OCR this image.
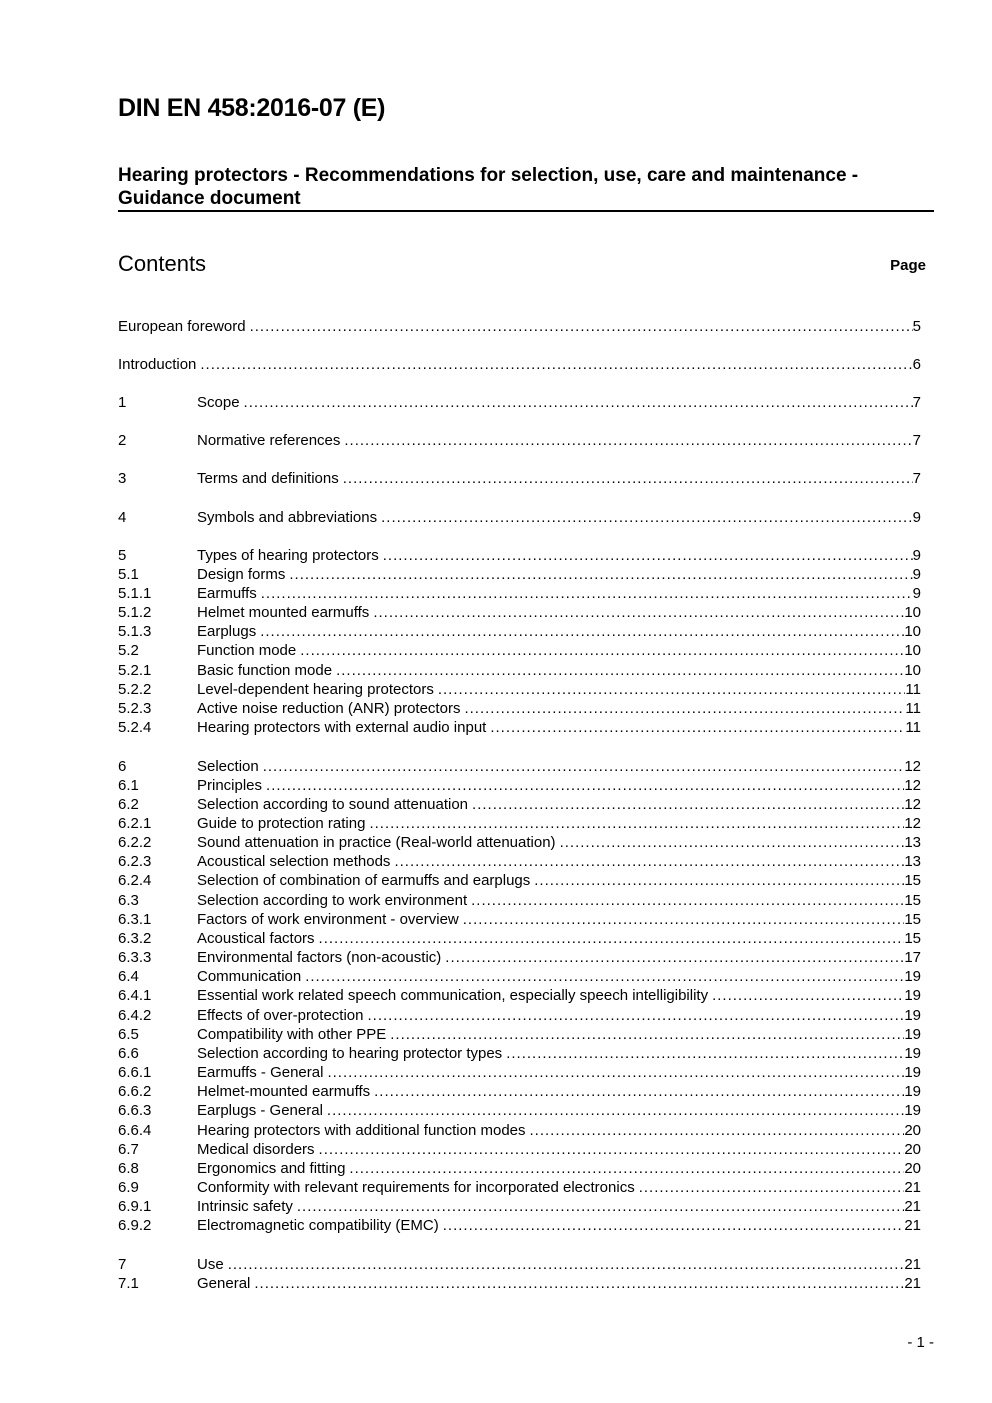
DIN EN 458:2016-07 (E)
Hearing protectors - Recommendations for selection, use, care and maintenance -
Guidance document
Contents	Page
European foreword .....	5
Introduction .....	6
1	Scope .....	7
2	Normative references .....	7
3	Terms and definitions .....	7
4	Symbols and abbreviations .....	9
5	Types of hearing protectors .....	9
5.1	Design forms .....	9
5.1.1	Earmuffs .....	9
5.1.2	Helmet mounted earmuffs .....	10
5.1.3	Earplugs .....	10
5.2	Function mode .....	10
5.2.1	Basic function mode .....	10
5.2.2	Level-dependent hearing protectors .....	11
5.2.3	Active noise reduction (ANR) protectors .....	11
5.2.4	Hearing protectors with external audio input .....	11
6	Selection .....	12
6.1	Principles .....	12
6.2	Selection according to sound attenuation .....	12
6.2.1	Guide to protection rating .....	12
6.2.2	Sound attenuation in practice (Real-world attenuation) .....	13
6.2.3	Acoustical selection methods .....	13
6.2.4	Selection of combination of earmuffs and earplugs .....	15
6.3	Selection according to work environment .....	15
6.3.1	Factors of work environment - overview .....	15
6.3.2	Acoustical factors .....	15
6.3.3	Environmental factors (non-acoustic) .....	17
6.4	Communication .....	19
6.4.1	Essential work related speech communication, especially speech intelligibility .....	19
6.4.2	Effects of over-protection .....	19
6.5	Compatibility with other PPE .....	19
6.6	Selection according to hearing protector types .....	19
6.6.1	Earmuffs - General .....	19
6.6.2	Helmet-mounted earmuffs .....	19
6.6.3	Earplugs - General .....	19
6.6.4	Hearing protectors with additional function modes .....	20
6.7	Medical disorders .....	20
6.8	Ergonomics and fitting .....	20
6.9	Conformity with relevant requirements for incorporated electronics .....	21
6.9.1	Intrinsic safety .....	21
6.9.2	Electromagnetic compatibility (EMC) .....	21
7	Use .....	21
7.1	General .....	21
- 1 -
